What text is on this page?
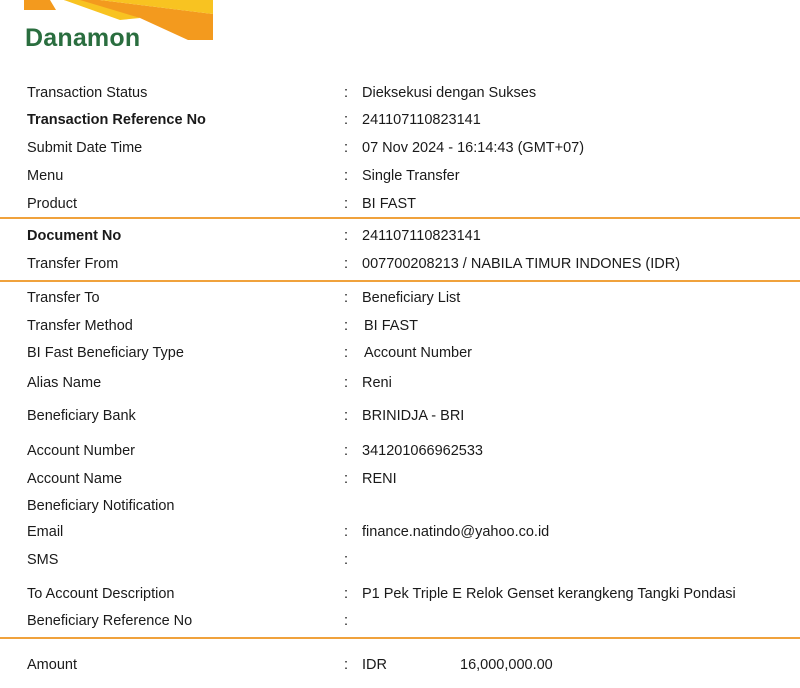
Danamon
Transaction Status	: Dieksekusi dengan Sukses
Transaction Reference No	: 241107110823141
Submit Date Time	: 07 Nov 2024 - 16:14:43 (GMT+07)
Menu	: Single Transfer
Product	: BI FAST
Document No	: 241107110823141
Transfer From	: 007700208213 / NABILA TIMUR INDONES (IDR)
Transfer To	: Beneficiary List
Transfer Method	: BI FAST
BI Fast Beneficiary Type	: Account Number
Alias Name	: Reni
Beneficiary Bank	: BRINIDJA - BRI
Account Number	: 341201066962533
Account Name	: RENI
Beneficiary Notification
Email	: finance.natindo@yahoo.co.id
SMS	:
To Account Description	: P1 Pek Triple E Relok Genset kerangkeng Tangki Pondasi
Beneficiary Reference No	:
Amount	: IDR	16,000,000.00
